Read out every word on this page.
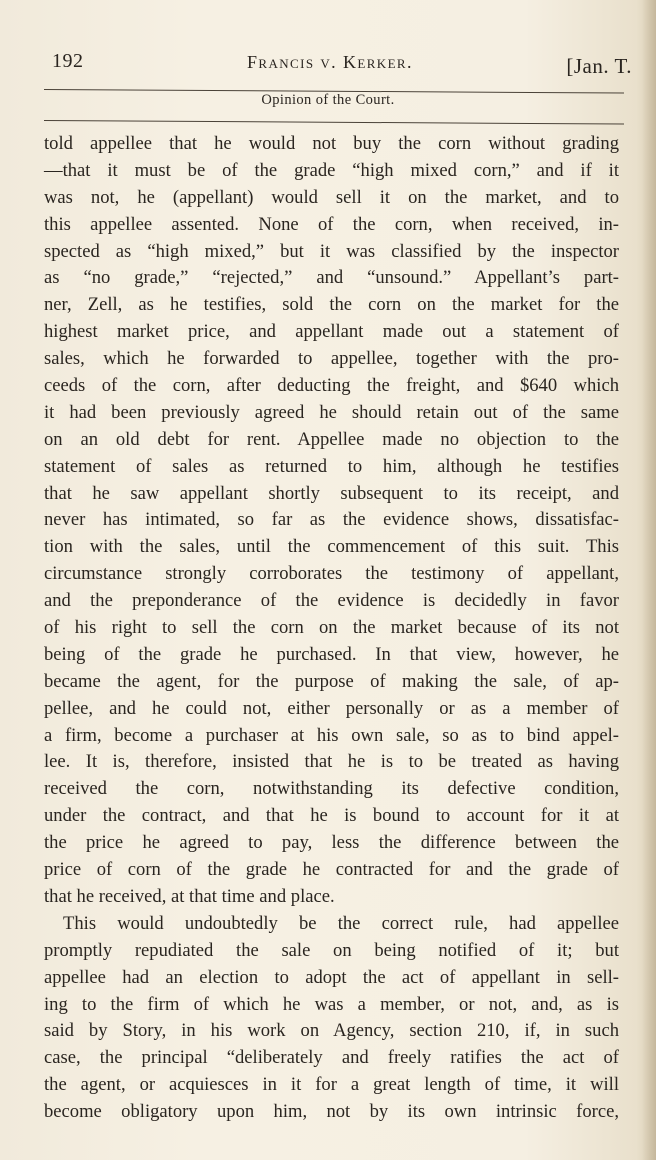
192	Francis v. Kerker.	[Jan. T.
Opinion of the Court.
told appellee that he would not buy the corn without grading
—that it must be of the grade “high mixed corn,” and if it
was not, he (appellant) would sell it on the market, and to
this appellee assented. None of the corn, when received, in-
spected as “high mixed,” but it was classified by the inspector
as “no grade,” “rejected,” and “unsound.” Appellant’s part-
ner, Zell, as he testifies, sold the corn on the market for the
highest market price, and appellant made out a statement of
sales, which he forwarded to appellee, together with the pro-
ceeds of the corn, after deducting the freight, and $640 which
it had been previously agreed he should retain out of the same
on an old debt for rent. Appellee made no objection to the
statement of sales as returned to him, although he testifies
that he saw appellant shortly subsequent to its receipt, and
never has intimated, so far as the evidence shows, dissatisfac-
tion with the sales, until the commencement of this suit. This
circumstance strongly corroborates the testimony of appellant,
and the preponderance of the evidence is decidedly in favor
of his right to sell the corn on the market because of its not
being of the grade he purchased. In that view, however, he
became the agent, for the purpose of making the sale, of ap-
pellee, and he could not, either personally or as a member of
a firm, become a purchaser at his own sale, so as to bind appel-
lee. It is, therefore, insisted that he is to be treated as having
received the corn, notwithstanding its defective condition,
under the contract, and that he is bound to account for it at
the price he agreed to pay, less the difference between the
price of corn of the grade he contracted for and the grade of
that he received, at that time and place.
This would undoubtedly be the correct rule, had appellee
promptly repudiated the sale on being notified of it; but
appellee had an election to adopt the act of appellant in sell-
ing to the firm of which he was a member, or not, and, as is
said by Story, in his work on Agency, section 210, if, in such
case, the principal “deliberately and freely ratifies the act of
the agent, or acquiesces in it for a great length of time, it will
become obligatory upon him, not by its own intrinsic force,
